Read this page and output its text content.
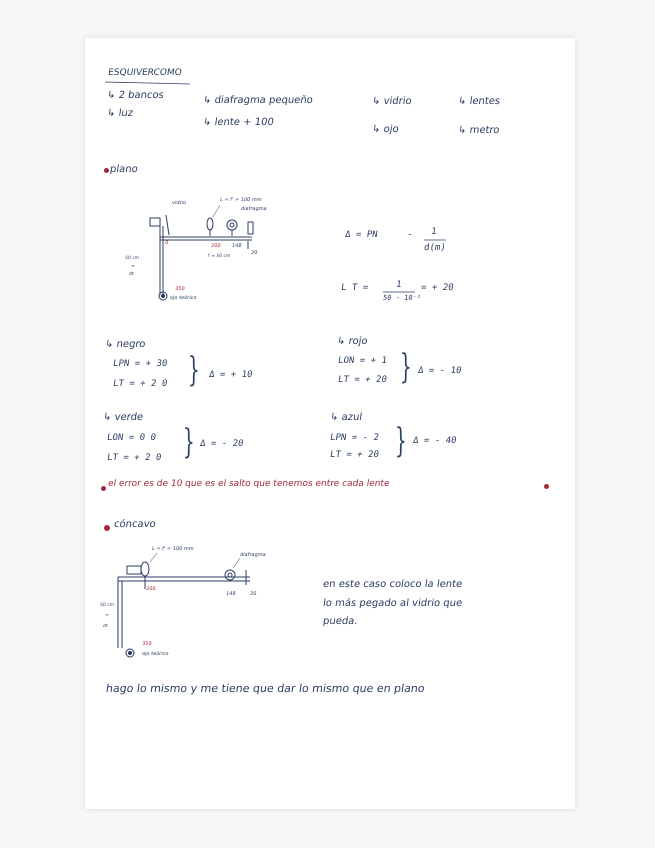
ESQUIVERCOMO
↳ 2 bancos
↳ luz
↳ diafragma pequeño
↳ lente + 100
↳ vidrio
↳ ojo
↳ lentes
↳ metro
plano
vidrio	L = f' = 100 mm
diafragma
0	200 148
20
50 cm
=
dt
f = 50 cm
350
ojo teórico
Δ = PN	- 1
d(m)
L T =	1
50 · 10⁻²
= + 20
↳ negro
LPN = + 30
LT = + 2 0 } Δ = + 10
↳ rojo
LON = + 1
LT = + 20 } Δ = - 10
↳ verde
LON = 0 0
LT = + 2 0 } Δ = - 20
↳ azul
LPN = - 2
LT = + 20 } Δ = - 40
el error es de 10 que es el salto que tenemos entre cada lente
cóncavo
L = f' = 100 mm
diafragma
200
148	20
50 cm
=
dt
350
ojo teórico
en este caso coloco la lente
lo más pegado al vidrio que
pueda.
hago lo mismo y me tiene que dar lo mismo que en plano
